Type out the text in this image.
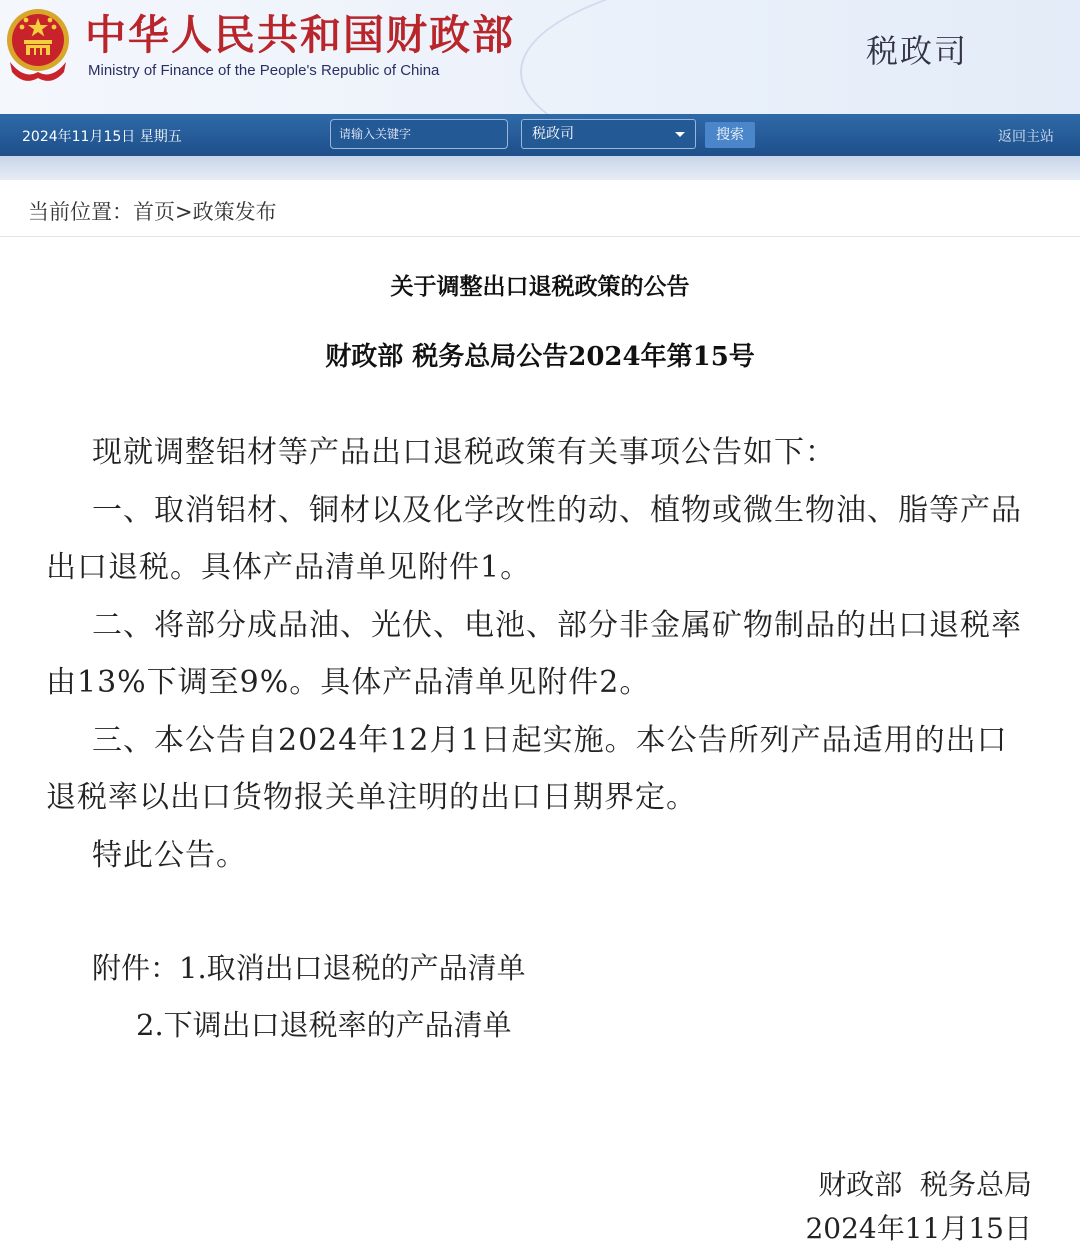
中华人民共和国财政部
Ministry of Finance of the People's Republic of China
税政司
2024年11月15日 星期五
请输入关键字	税政司	搜索	返回主站
当前位置：首页>政策发布
关于调整出口退税政策的公告
财政部 税务总局公告2024年第15号

现就调整铝材等产品出口退税政策有关事项公告如下：

一、取消铝材、铜材以及化学改性的动、植物或微生物油、脂等产品出口退税。具体产品清单见附件1。

二、将部分成品油、光伏、电池、部分非金属矿物制品的出口退税率由13%下调至9%。具体产品清单见附件2。

三、本公告自2024年12月1日起实施。本公告所列产品适用的出口退税率以出口货物报关单注明的出口日期界定。

特此公告。

附件：1.取消出口退税的产品清单
2.下调出口退税率的产品清单
财政部  税务总局
2024年11月15日
